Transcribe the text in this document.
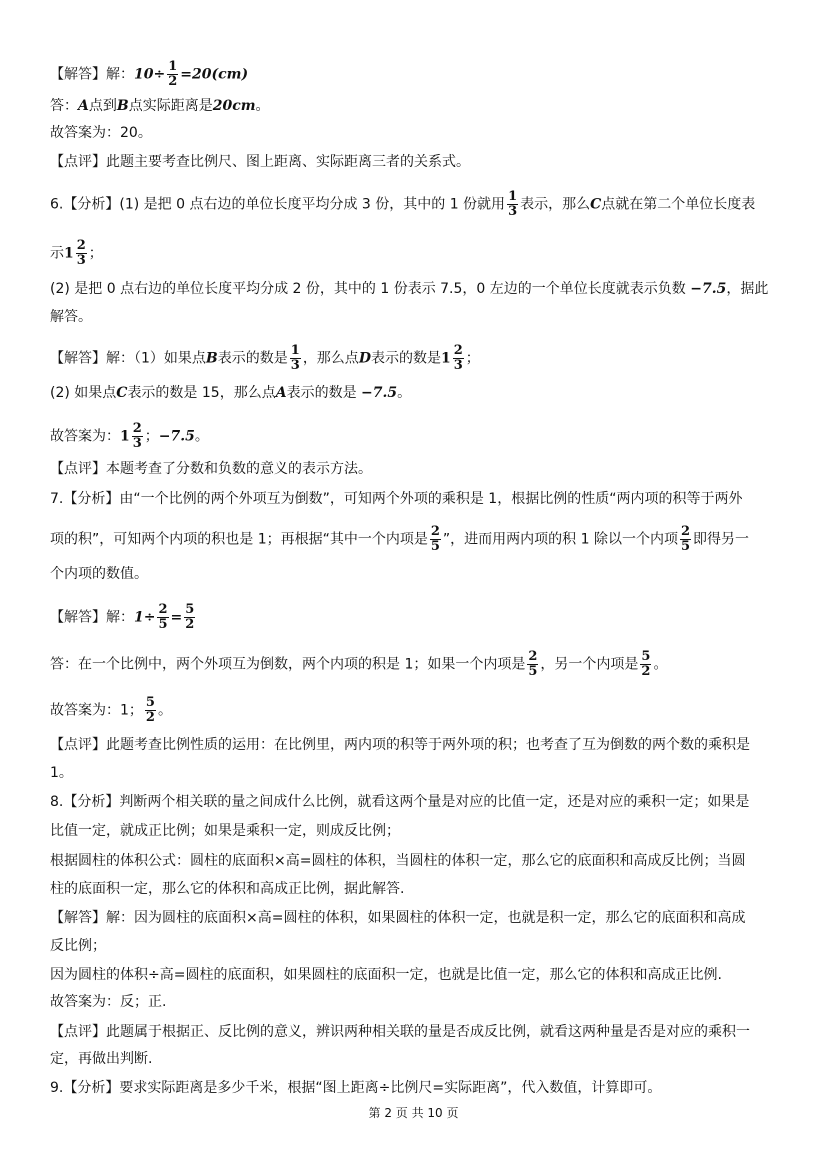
【解答】解：$10\div \frac{1}{2} =20(cm)$
答：A点到B点实际距离是20cm。
故答案为：20。
【点评】此题主要考查比例尺、图上距离、实际距离三者的关系式。
6.【分析】(1) 是把 0 点右边的单位长度平均分成 3 份，其中的 1 份就用 $\frac{1}{3}$ 表示，那么C点就在第二个单位长度表
示$1 \frac{2}{3}$ ；
(2) 是把 0 点右边的单位长度平均分成 2 份，其中的 1 份表示 7.5，0 左边的一个单位长度就表示负数 −7.5，据此
解答。
【解答】解：（1）如果点B表示的数是 $\frac{1}{3}$ ，那么点D表示的数是$1 \frac{2}{3}$ ；
(2) 如果点C表示的数是 15，那么点A表示的数是 −7.5。
故答案为：$1 \frac{2}{3}$ ；−7.5。
【点评】本题考查了分数和负数的意义的表示方法。
7.【分析】由“一个比例的两个外项互为倒数”，可知两个外项的乘积是 1，根据比例的性质“两内项的积等于两外
项的积”，可知两个内项的积也是 1；再根据“其中一个内项是 $\frac{2}{5}$ ”，进而用两内项的积 1 除以一个内项 $\frac{2}{5}$ 即得另一
个内项的数值。
【解答】解：$1\div \frac{2}{5} = \frac{5}{2}$
答：在一个比例中，两个外项互为倒数，两个内项的积是 1；如果一个内项是 $\frac{2}{5}$ ，另一个内项是 $\frac{5}{2}$ 。
故答案为：1； $\frac{5}{2}$ 。
【点评】此题考查比例性质的运用：在比例里，两内项的积等于两外项的积；也考查了互为倒数的两个数的乘积是
1。
8.【分析】判断两个相关联的量之间成什么比例，就看这两个量是对应的比值一定，还是对应的乘积一定；如果是
比值一定，就成正比例；如果是乘积一定，则成反比例；
根据圆柱的体积公式：圆柱的底面积×高=圆柱的体积，当圆柱的体积一定，那么它的底面积和高成反比例；当圆
柱的底面积一定，那么它的体积和高成正比例，据此解答.
【解答】解：因为圆柱的底面积×高=圆柱的体积，如果圆柱的体积一定，也就是积一定，那么它的底面积和高成
反比例；
因为圆柱的体积÷高=圆柱的底面积，如果圆柱的底面积一定，也就是比值一定，那么它的体积和高成正比例.
故答案为：反；正.
【点评】此题属于根据正、反比例的意义，辨识两种相关联的量是否成反比例，就看这两种量是否是对应的乘积一
定，再做出判断.
9.【分析】要求实际距离是多少千米，根据“图上距离÷比例尺=实际距离”，代入数值，计算即可。
第 2 页 共 10 页
